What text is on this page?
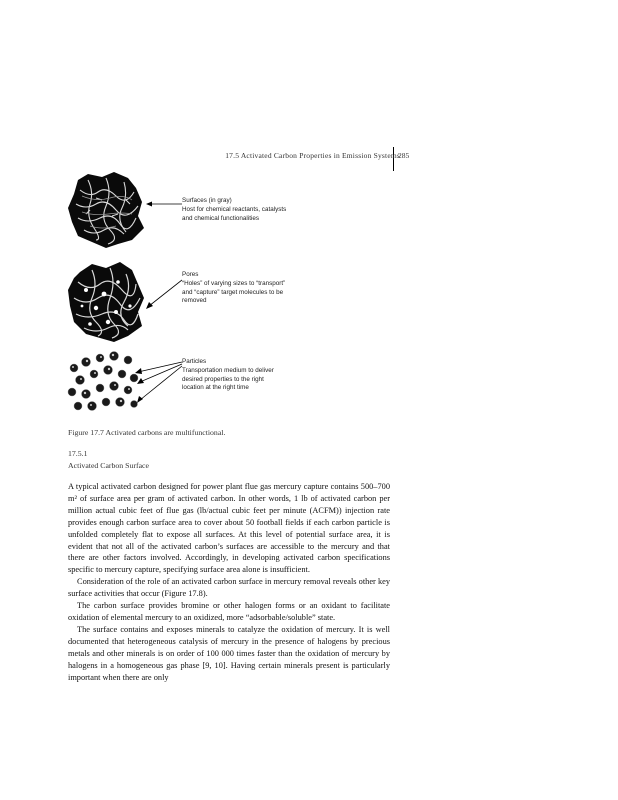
17.5 Activated Carbon Properties in Emission Systems
285
Surfaces (in gray)
Host for chemical reactants, catalysts
and chemical functionalities
Pores
“Holes” of varying sizes to “transport”
and “capture” target molecules to be
removed
Particles
Transportation medium to deliver
desired properties to the right
location at the right time
Figure 17.7 Activated carbons are multifunctional.
17.5.1
Activated Carbon Surface

A typical activated carbon designed for power plant flue gas mercury capture contains 500–700 m² of surface area per gram of activated carbon. In other words, 1 lb of activated carbon per million actual cubic feet of flue gas (lb/actual cubic feet per minute (ACFM)) injection rate provides enough carbon surface area to cover about 50 football fields if each carbon particle is unfolded completely flat to expose all surfaces. At this level of potential surface area, it is evident that not all of the activated carbon’s surfaces are accessible to the mercury and that there are other factors involved. Accordingly, in developing activated carbon specifications specific to mercury capture, specifying surface area alone is insufficient.

Consideration of the role of an activated carbon surface in mercury removal reveals other key surface activities that occur (Figure 17.8).

The carbon surface provides bromine or other halogen forms or an oxidant to facilitate oxidation of elemental mercury to an oxidized, more “adsorbable/soluble” state.

The surface contains and exposes minerals to catalyze the oxidation of mercury. It is well documented that heterogeneous catalysis of mercury in the presence of halogens by precious metals and other minerals is on order of 100 000 times faster than the oxidation of mercury by halogens in a homogeneous gas phase [9, 10]. Having certain minerals present is particularly important when there are only
